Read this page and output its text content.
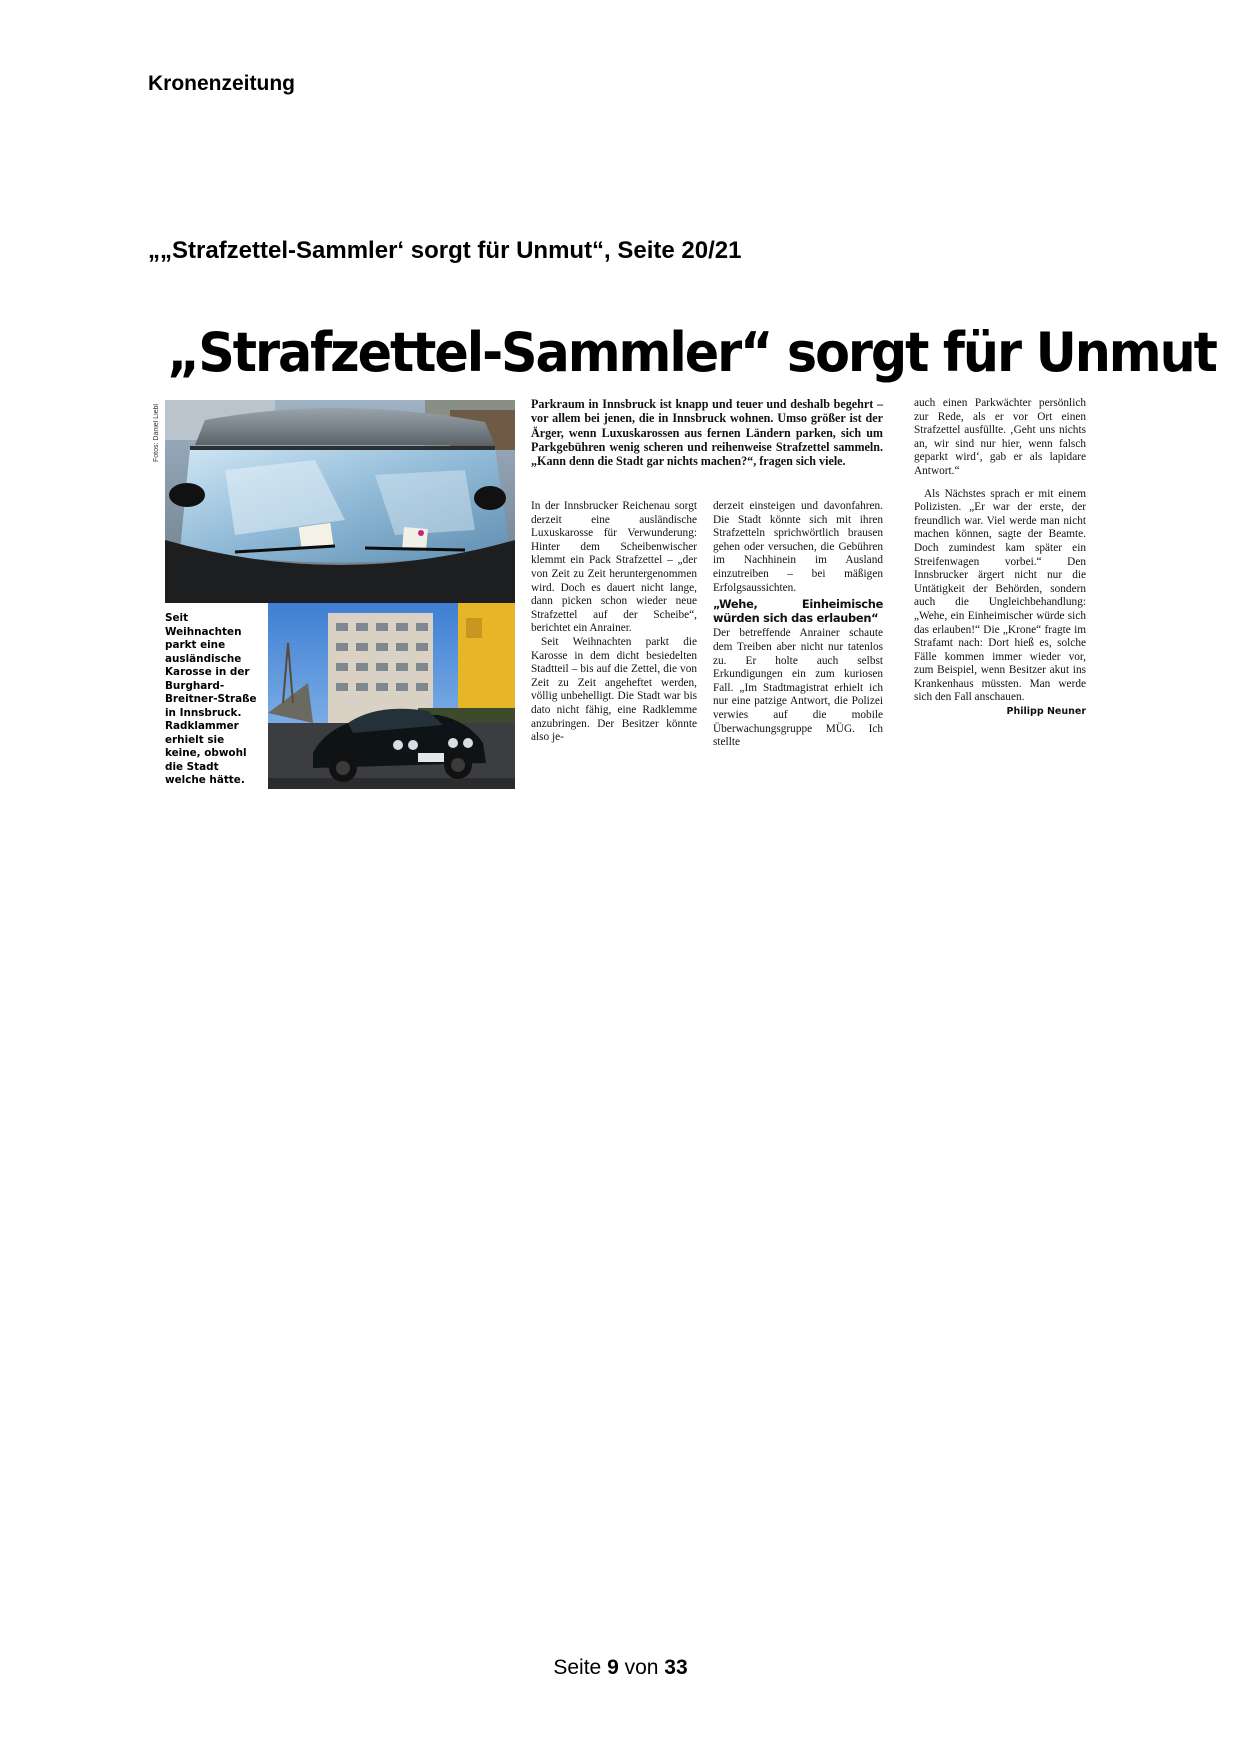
Kronenzeitung
„„Strafzettel-Sammler‘ sorgt für Unmut“, Seite 20/21
„Strafzettel-Sammler“ sorgt für Unmut
Fotos: Daniel Liebl
Seit Weihnachten parkt eine ausländische Karosse in der Burghard-Breitner-Straße in Innsbruck. Radklammer erhielt sie keine, obwohl die Stadt welche hätte.
Parkraum in Innsbruck ist knapp und teuer und deshalb begehrt – vor allem bei jenen, die in Innsbruck wohnen. Umso größer ist der Ärger, wenn Luxuskarossen aus fernen Ländern parken, sich um Parkgebühren wenig scheren und reihenweise Strafzettel sammeln. „Kann denn die Stadt gar nichts machen?“, fragen sich viele.

In der Innsbrucker Reichenau sorgt derzeit eine ausländische Luxuskarosse für Verwunderung: Hinter dem Scheibenwischer klemmt ein Pack Strafzettel – „der von Zeit zu Zeit heruntergenommen wird. Doch es dauert nicht lange, dann picken schon wieder neue Strafzettel auf der Scheibe“, berichtet ein Anrainer.

Seit Weihnachten parkt die Karosse in dem dicht besiedelten Stadtteil – bis auf die Zettel, die von Zeit zu Zeit angeheftet werden, völlig unbehelligt. Die Stadt war bis dato nicht fähig, eine Radklemme anzubringen. Der Besitzer könnte also je-

derzeit einsteigen und davonfahren. Die Stadt könnte sich mit ihren Strafzetteln sprichwörtlich brausen gehen oder versuchen, die Gebühren im Nachhinein im Ausland einzutreiben – bei mäßigen Erfolgsaussichten.

„Wehe, Einheimische würden sich das erlauben“

Der betreffende Anrainer schaute dem Treiben aber nicht nur tatenlos zu. Er holte auch selbst Erkundigungen ein zum kuriosen Fall. „Im Stadtmagistrat erhielt ich nur eine patzige Antwort, die Polizei verwies auf die mobile Überwachungsgruppe MÜG. Ich stellte

auch einen Parkwächter persönlich zur Rede, als er vor Ort einen Strafzettel ausfüllte. ‚Geht uns nichts an, wir sind nur hier, wenn falsch geparkt wird‘, gab er als lapidare Antwort.“

Als Nächstes sprach er mit einem Polizisten. „Er war der erste, der freundlich war. Viel werde man nicht machen können, sagte der Beamte. Doch zumindest kam später ein Streifenwagen vorbei.“ Den Innsbrucker ärgert nicht nur die Untätigkeit der Behörden, sondern auch die Ungleichbehandlung: „Wehe, ein Einheimischer würde sich das erlauben!“ Die „Krone“ fragte im Strafamt nach: Dort hieß es, solche Fälle kommen immer wieder vor, zum Beispiel, wenn Besitzer akut ins Krankenhaus müssten. Man werde sich den Fall anschauen.
Philipp Neuner

Seite 9 von 33
